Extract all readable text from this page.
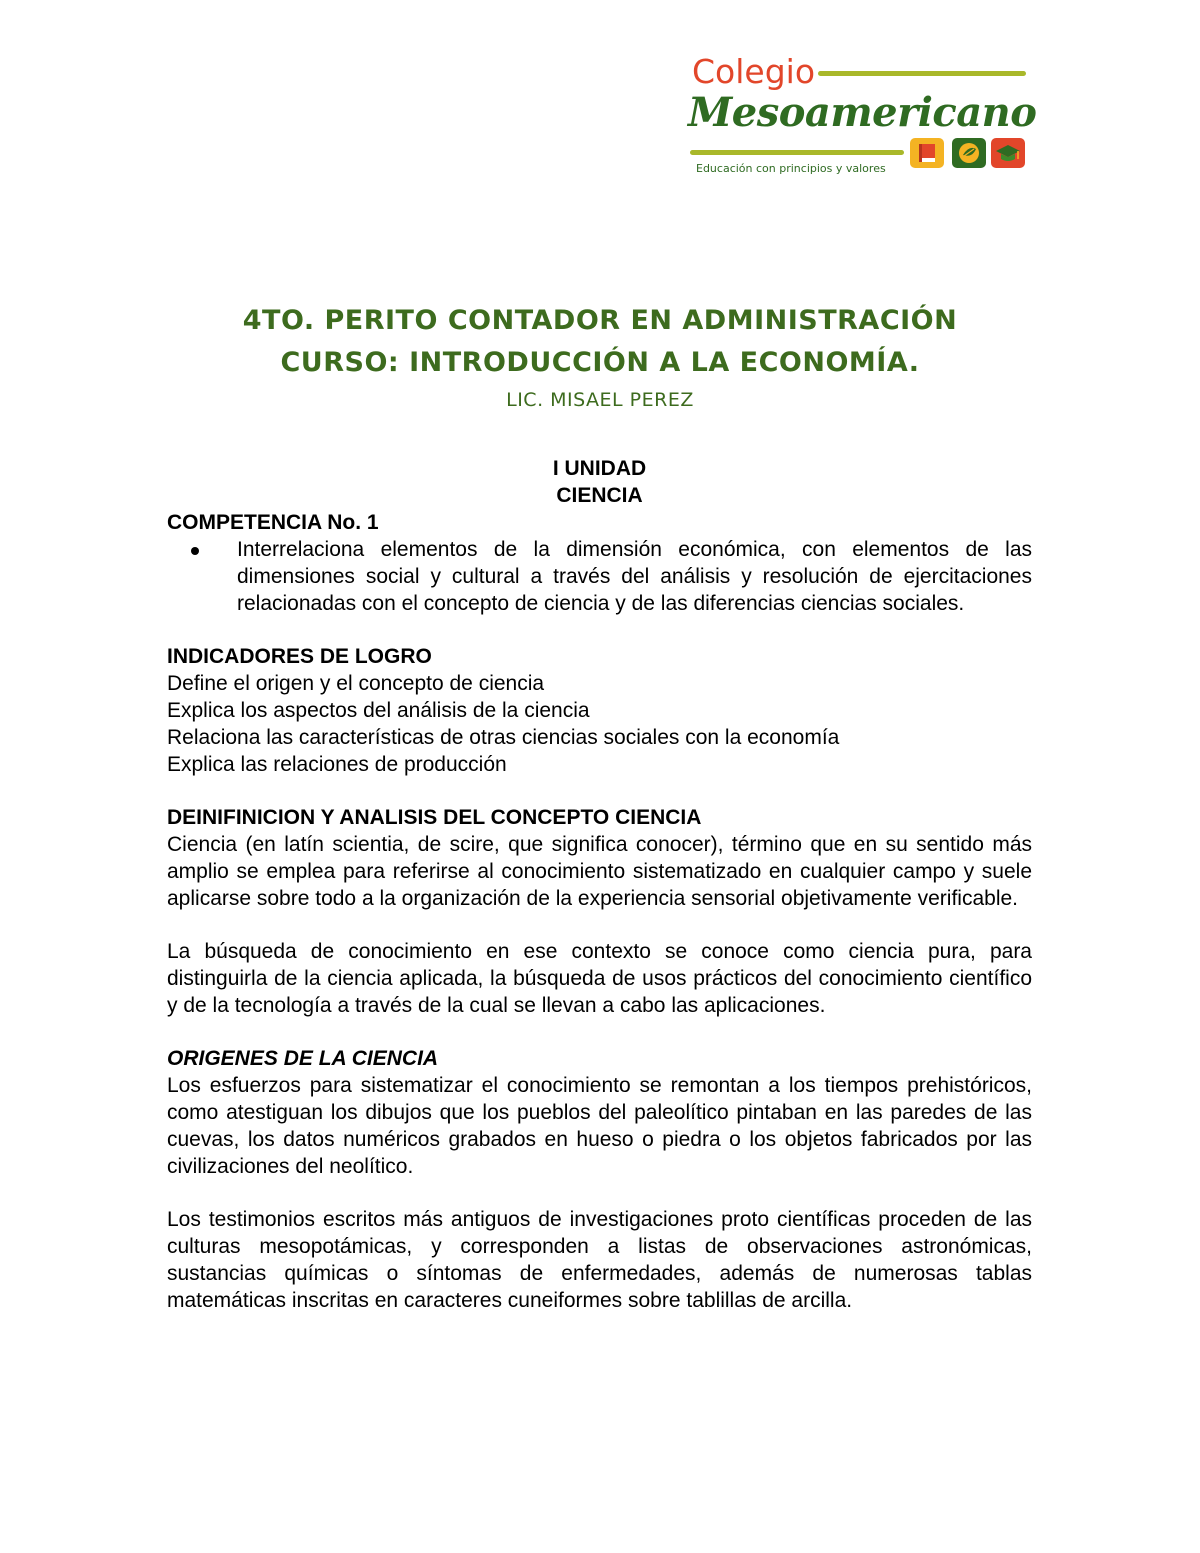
Colegio
Mesoamericano
Educación con principios y valores
4TO. PERITO CONTADOR EN ADMINISTRACIÓN
CURSO: INTRODUCCIÓN A LA ECONOMÍA.
LIC. MISAEL PEREZ

I UNIDAD

CIENCIA

COMPETENCIA No. 1

Interrelaciona elementos de la dimensión económica, con elementos de las dimensiones social y cultural a través del análisis y resolución de ejercitaciones relacionadas con el concepto de ciencia y de las diferencias ciencias sociales.

INDICADORES DE LOGRO

Define el origen y el concepto de ciencia

Explica los aspectos del análisis de la ciencia

Relaciona las características de otras ciencias sociales con la economía

Explica las relaciones de producción

DEINIFINICION Y ANALISIS DEL CONCEPTO CIENCIA

Ciencia (en latín scientia, de scire, que significa conocer), término que en su sentido más amplio se emplea para referirse al conocimiento sistematizado en cualquier campo y suele aplicarse sobre todo a la organización de la experiencia sensorial objetivamente verificable.

La búsqueda de conocimiento en ese contexto se conoce como ciencia pura, para distinguirla de la ciencia aplicada, la búsqueda de usos prácticos del conocimiento científico y de la tecnología a través de la cual se llevan a cabo las aplicaciones.

ORIGENES DE LA CIENCIA

Los esfuerzos para sistematizar el conocimiento se remontan a los tiempos prehistóricos, como atestiguan los dibujos que los pueblos del paleolítico pintaban en las paredes de las cuevas, los datos numéricos grabados en hueso o piedra o los objetos fabricados por las civilizaciones del neolítico.

Los testimonios escritos más antiguos de investigaciones proto científicas proceden de las culturas mesopotámicas, y corresponden a listas de observaciones astronómicas, sustancias químicas o síntomas de enfermedades, además de numerosas tablas matemáticas inscritas en caracteres cuneiformes sobre tablillas de arcilla.
